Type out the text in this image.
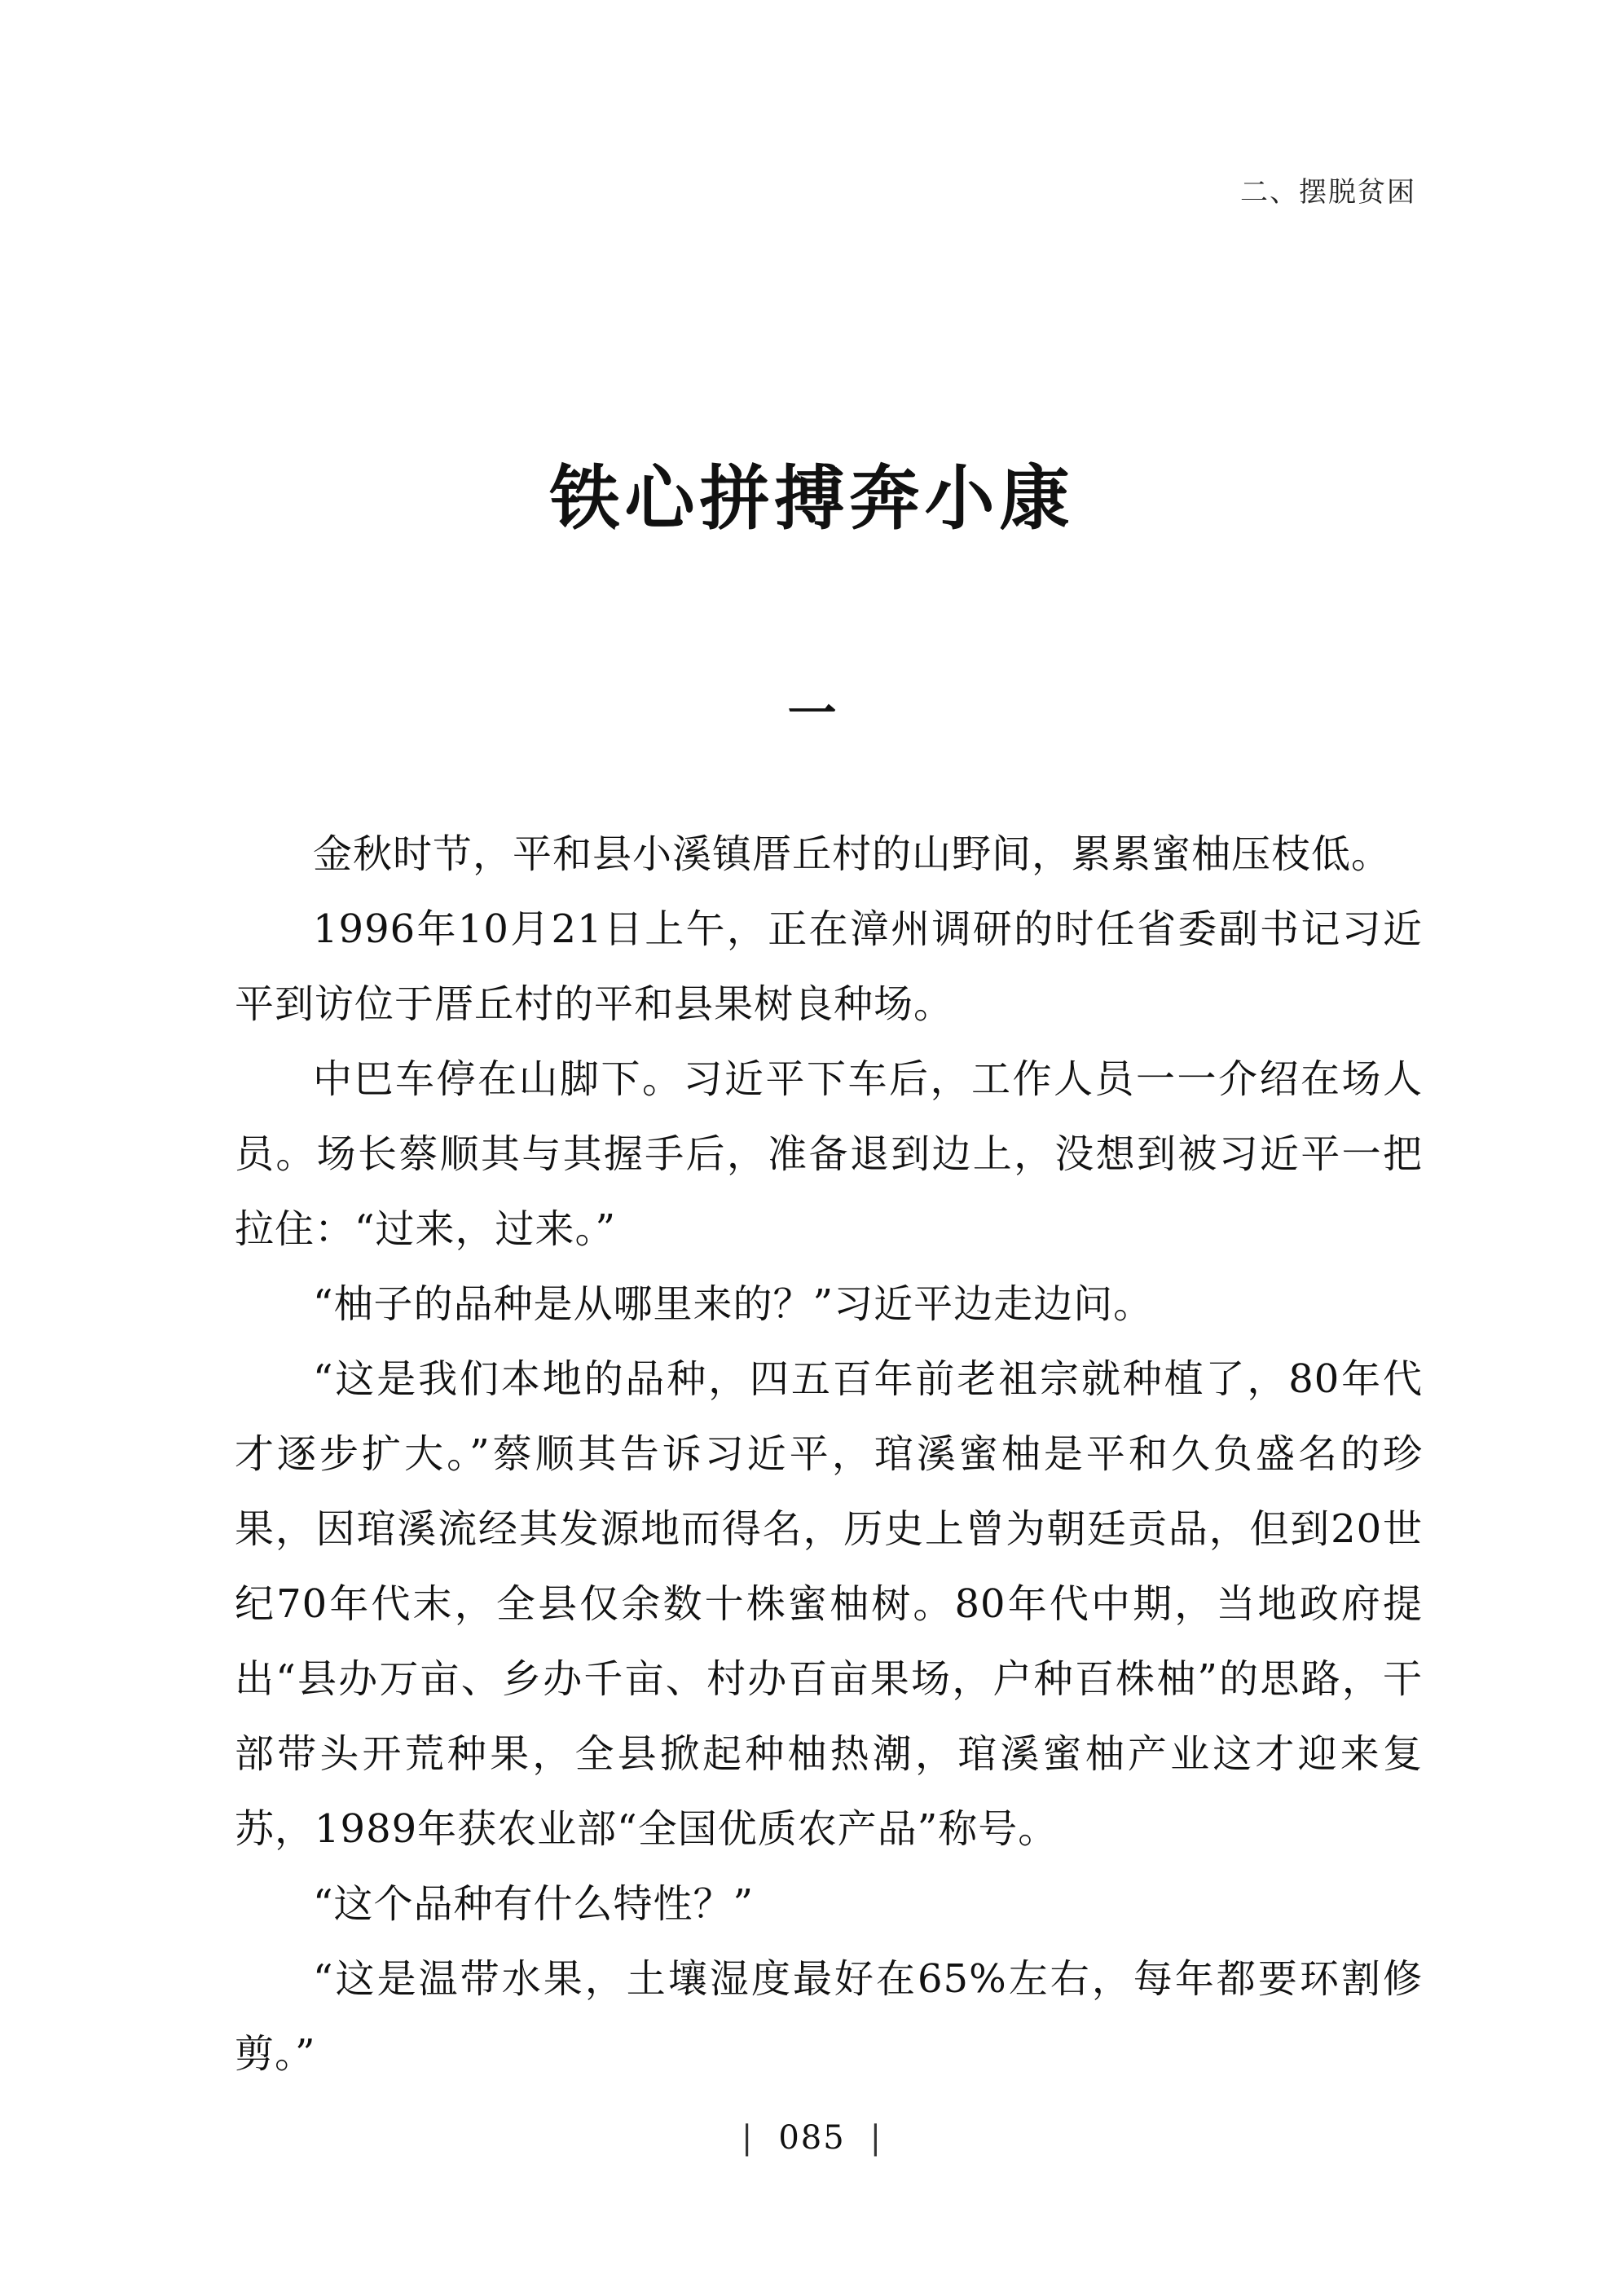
二、摆脱贫困
铁心拼搏奔小康
一

金秋时节，平和县小溪镇厝丘村的山野间，累累蜜柚压枝低。

1996年10月21日上午，正在漳州调研的时任省委副书记习近平到访位于厝丘村的平和县果树良种场。

中巴车停在山脚下。习近平下车后，工作人员一一介绍在场人员。场长蔡顺其与其握手后，准备退到边上，没想到被习近平一把拉住：“过来，过来。”

“柚子的品种是从哪里来的？”习近平边走边问。

“这是我们本地的品种，四五百年前老祖宗就种植了，80年代才逐步扩大。”蔡顺其告诉习近平，琯溪蜜柚是平和久负盛名的珍果，因琯溪流经其发源地而得名，历史上曾为朝廷贡品，但到20世纪70年代末，全县仅余数十株蜜柚树。80年代中期，当地政府提出“县办万亩、乡办千亩、村办百亩果场，户种百株柚”的思路，干部带头开荒种果，全县掀起种柚热潮，琯溪蜜柚产业这才迎来复苏，1989年获农业部“全国优质农产品”称号。

“这个品种有什么特性？”

“这是温带水果，土壤湿度最好在65%左右，每年都要环割修剪。”

| 085 |
